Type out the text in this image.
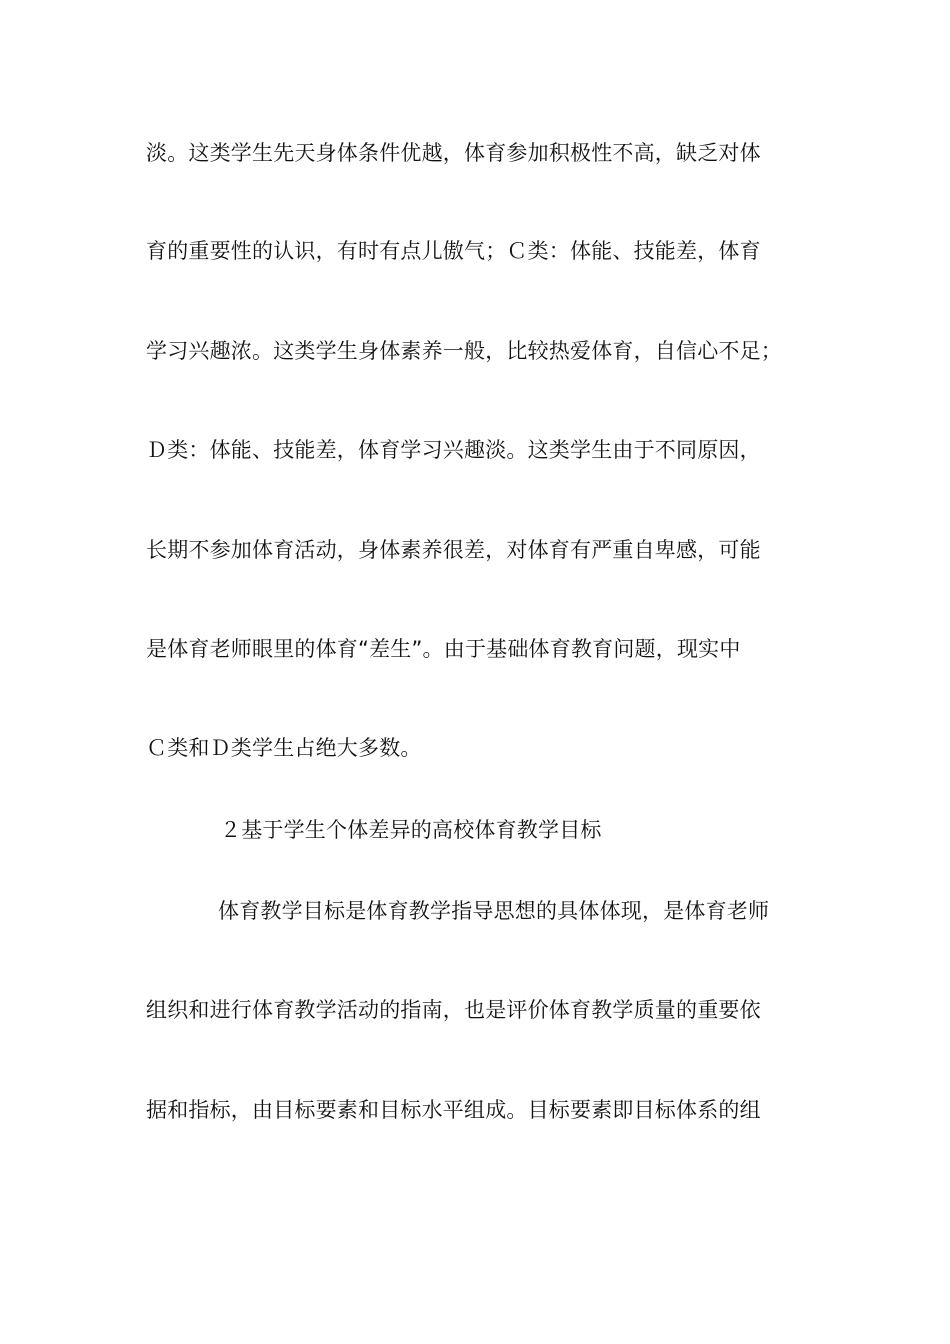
淡。这类学生先天身体条件优越，体育参加积极性不高，缺乏对体
育的重要性的认识，有时有点儿傲气；Ｃ类：体能、技能差，体育
学习兴趣浓。这类学生身体素养一般，比较热爱体育，自信心不足；
Ｄ类：体能、技能差，体育学习兴趣淡。这类学生由于不同原因，
长期不参加体育活动，身体素养很差，对体育有严重自卑感，可能
是体育老师眼里的体育“差生”。由于基础体育教育问题，现实中
Ｃ类和Ｄ类学生占绝大多数。
２基于学生个体差异的高校体育教学目标
体育教学目标是体育教学指导思想的具体体现，是体育老师
组织和进行体育教学活动的指南，也是评价体育教学质量的重要依
据和指标，由目标要素和目标水平组成。目标要素即目标体系的组
